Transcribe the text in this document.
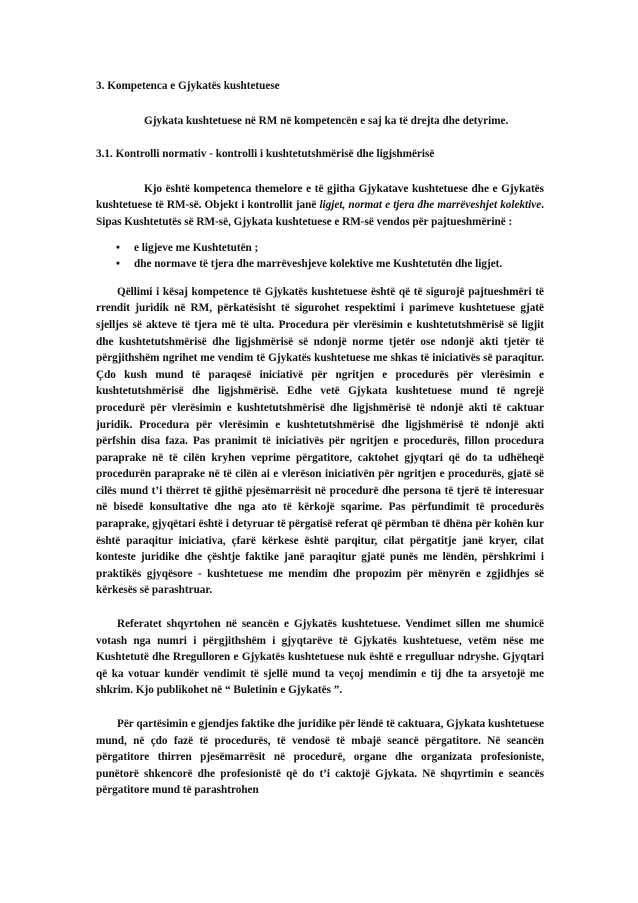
3. Kompetenca e Gjykatës kushtetuese

Gjykata kushtetuese në RM në kompetencën e saj ka të drejta dhe detyrime.

3.1. Kontrolli normativ - kontrolli i kushtetutshmërisë dhe ligjshmërisë

Kjo është kompetenca themelore e të gjitha Gjykatave kushtetuese dhe e Gjykatës kushtetuese të RM-së. Objekt i kontrollit janë ligjet, normat e tjera dhe marrëveshjet kolektive. Sipas Kushtetutës së RM-së, Gjykata kushtetuese e RM-së vendos për pajtueshmërinë :

• e ligjeve me Kushtetutën ;
• dhe normave të tjera dhe marrëveshjeve kolektive me Kushtetutën dhe ligjet.

Qëllimi i kësaj kompetence të Gjykatës kushtetuese është që të sigurojë pajtueshmëri të rrendit juridik në RM, përkatësisht të sigurohet respektimi i parimeve kushtetuese gjatë sjelljes së akteve të tjera më të ulta. Procedura për vlerësimin e kushtetutshmërisë së ligjit dhe kushtetutshmërisë dhe ligjshmërisë së ndonjë norme tjetër ose ndonjë akti tjetër të përgjithshëm ngrihet me vendim të Gjykatës kushtetuese me shkas të iniciativës së paraqitur. Çdo kush mund të paraqesë iniciativë për ngritjen e procedurës për vlerësimin e kushtetutshmërisë dhe ligjshmërisë. Edhe vetë Gjykata kushtetuese mund të ngrejë procedurë për vlerësimin e kushtetutshmërisë dhe ligjshmërisë të ndonjë akti të caktuar juridik. Procedura për vlerësimin e kushtetutshmërisë dhe ligjshmërisë të ndonjë akti përfshin disa faza. Pas pranimit të iniciativës për ngritjen e procedurës, fillon procedura paraprake në të cilën kryhen veprime përgatitore, caktohet gjyqtari që do ta udhëheqë procedurën paraprake në të cilën ai e vlerëson iniciativën për ngritjen e procedurës, gjatë së cilës mund t’i thërret të gjithë pjesëmarrësit në procedurë dhe persona të tjerë të interesuar në bisedë konsultative dhe nga ato të kërkojë sqarime. Pas përfundimit të procedurës paraprake, gjyqëtari është i detyruar të përgatisë referat që përmban të dhëna për kohën kur është paraqitur iniciativa, çfarë kërkese është parqitur, cilat përgatitje janë kryer, cilat konteste juridike dhe çështje faktike janë paraqitur gjatë punës me lëndën, përshkrimi i praktikës gjyqësore - kushtetuese me mendim dhe propozim për mënyrën e zgjidhjes së kërkesës së parashtruar.

Referatet shqyrtohen në seancën e Gjykatës kushtetuese. Vendimet sillen me shumicë votash nga numri i përgjithshëm i gjyqtarëve të Gjykatës kushtetuese, vetëm nëse me Kushtetutë dhe Rregulloren e Gjykatës kushtetuese nuk është e rregulluar ndryshe. Gjyqtari që ka votuar kundër vendimit të sjellë mund ta veçoj mendimin e tij dhe ta arsyetojë me shkrim. Kjo publikohet në “ Buletinin e Gjykatës ”.

Për qartësimin e gjendjes faktike dhe juridike për lëndë të caktuara, Gjykata kushtetuese mund, në çdo fazë të procedurës, të vendosë të mbajë seancë përgatitore. Në seancën përgatitore thirren pjesëmarrësit në procedurë, organe dhe organizata profesioniste, punëtorë shkencorë dhe profesionistë që do t’i caktojë Gjykata. Në shqyrtimin e seancës përgatitore mund të parashtrohen
